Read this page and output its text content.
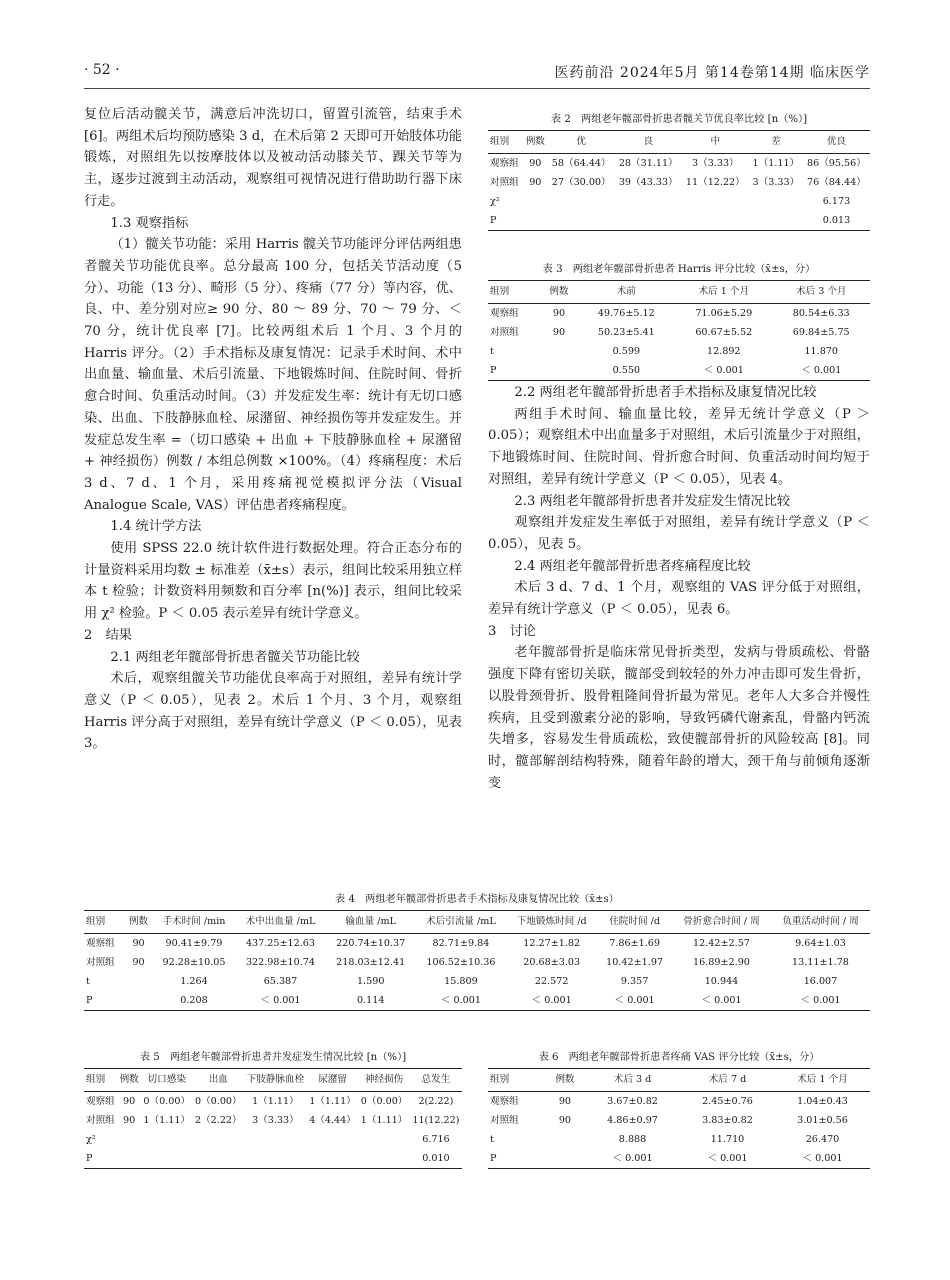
· 52 ·	医药前沿 2024年5月 第14卷第14期 临床医学

复位后活动髋关节，满意后冲洗切口，留置引流管，结束手术 [6]。两组术后均预防感染 3 d，在术后第 2 天即可开始肢体功能锻炼，对照组先以按摩肢体以及被动活动膝关节、踝关节等为主，逐步过渡到主动活动，观察组可视情况进行借助助行器下床行走。

1.3 观察指标

（1）髋关节功能：采用 Harris 髋关节功能评分评估两组患者髋关节功能优良率。总分最高 100 分，包括关节活动度（5 分）、功能（13 分）、畸形（5 分）、疼痛（77 分）等内容，优、良、中、差分别对应≥ 90 分、80 ～ 89 分、70 ～ 79 分、＜ 70 分，统计优良率 [7]。比较两组术后 1 个月、3 个月的 Harris 评分。（2）手术指标及康复情况：记录手术时间、术中出血量、输血量、术后引流量、下地锻炼时间、住院时间、骨折愈合时间、负重活动时间。（3）并发症发生率：统计有无切口感染、出血、下肢静脉血栓、尿潴留、神经损伤等并发症发生。并发症总发生率 =（切口感染 + 出血 + 下肢静脉血栓 + 尿潴留 + 神经损伤）例数 / 本组总例数 ×100%。（4）疼痛程度：术后 3 d、7 d、1 个月，采用疼痛视觉模拟评分法（Visual Analogue Scale, VAS）评估患者疼痛程度。

1.4 统计学方法

使用 SPSS 22.0 统计软件进行数据处理。符合正态分布的计量资料采用均数 ± 标准差（x̄±s）表示，组间比较采用独立样本 t 检验；计数资料用频数和百分率 [n(%)] 表示，组间比较采用 χ² 检验。P ＜ 0.05 表示差异有统计学意义。

2　结果

2.1 两组老年髋部骨折患者髋关节功能比较

术后，观察组髋关节功能优良率高于对照组，差异有统计学意义（P ＜ 0.05），见表 2。术后 1 个月、3 个月，观察组 Harris 评分高于对照组，差异有统计学意义（P ＜ 0.05），见表 3。

表 2　两组老年髋部骨折患者髋关节优良率比较 [n（%）]

组别	例数	优	良	中	差	优良
观察组	90	58（64.44）	28（31.11）	3（3.33）	1（1.11）	86（95.56）
对照组	90	27（30.00）	39（43.33）	11（12.22）	3（3.33）	76（84.44）
χ²						6.173
P						0.013

表 3　两组老年髋部骨折患者 Harris 评分比较（x̄±s，分）

组别	例数	术前	术后 1 个月	术后 3 个月
观察组	90	49.76±5.12	71.06±5.29	80.54±6.33
对照组	90	50.23±5.41	60.67±5.52	69.84±5.75
t		0.599	12.892	11.870
P		0.550	＜ 0.001	＜ 0.001

2.2 两组老年髋部骨折患者手术指标及康复情况比较

两组手术时间、输血量比较，差异无统计学意义（P ＞ 0.05）；观察组术中出血量多于对照组，术后引流量少于对照组，下地锻炼时间、住院时间、骨折愈合时间、负重活动时间均短于对照组，差异有统计学意义（P ＜ 0.05），见表 4。

2.3 两组老年髋部骨折患者并发症发生情况比较

观察组并发症发生率低于对照组，差异有统计学意义（P ＜ 0.05），见表 5。

2.4 两组老年髋部骨折患者疼痛程度比较

术后 3 d、7 d、1 个月，观察组的 VAS 评分低于对照组，差异有统计学意义（P ＜ 0.05），见表 6。

3　讨论

老年髋部骨折是临床常见骨折类型，发病与骨质疏松、骨骼强度下降有密切关联，髋部受到较轻的外力冲击即可发生骨折，以股骨颈骨折、股骨粗隆间骨折最为常见。老年人大多合并慢性疾病，且受到激素分泌的影响，导致钙磷代谢紊乱，骨骼内钙流失增多，容易发生骨质疏松，致使髋部骨折的风险较高 [8]。同时，髋部解剖结构特殊，随着年龄的增大，颈干角与前倾角逐渐变

表 4　两组老年髋部骨折患者手术指标及康复情况比较（x̄±s）

组别	例数	手术时间 /min	术中出血量 /mL	输血量 /mL	术后引流量 /mL	下地锻炼时间 /d	住院时间 /d	骨折愈合时间 / 周	负重活动时间 / 周
观察组	90	90.41±9.79	437.25±12.63	220.74±10.37	82.71±9.84	12.27±1.82	7.86±1.69	12.42±2.57	9.64±1.03
对照组	90	92.28±10.05	322.98±10.74	218.03±12.41	106.52±10.36	20.68±3.03	10.42±1.97	16.89±2.90	13.11±1.78
t		1.264	65.387	1.590	15.809	22.572	9.357	10.944	16.007
P		0.208	＜ 0.001	0.114	＜ 0.001	＜ 0.001	＜ 0.001	＜ 0.001	＜ 0.001

表 5　两组老年髋部骨折患者并发症发生情况比较 [n（%）]

组别	例数	切口感染	出血	下肢静脉血栓	尿潴留	神经损伤	总发生
观察组	90	0（0.00）	0（0.00）	1（1.11）	1（1.11）	0（0.00）	2(2.22)
对照组	90	1（1.11）	2（2.22）	3（3.33）	4（4.44）	1（1.11）	11(12.22)
χ²							6.716
P							0.010

表 6　两组老年髋部骨折患者疼痛 VAS 评分比较（x̄±s，分）

组别	例数	术后 3 d	术后 7 d	术后 1 个月
观察组	90	3.67±0.82	2.45±0.76	1.04±0.43
对照组	90	4.86±0.97	3.83±0.82	3.01±0.56
t		8.888	11.710	26.470
P		＜ 0.001	＜ 0.001	＜ 0.001
